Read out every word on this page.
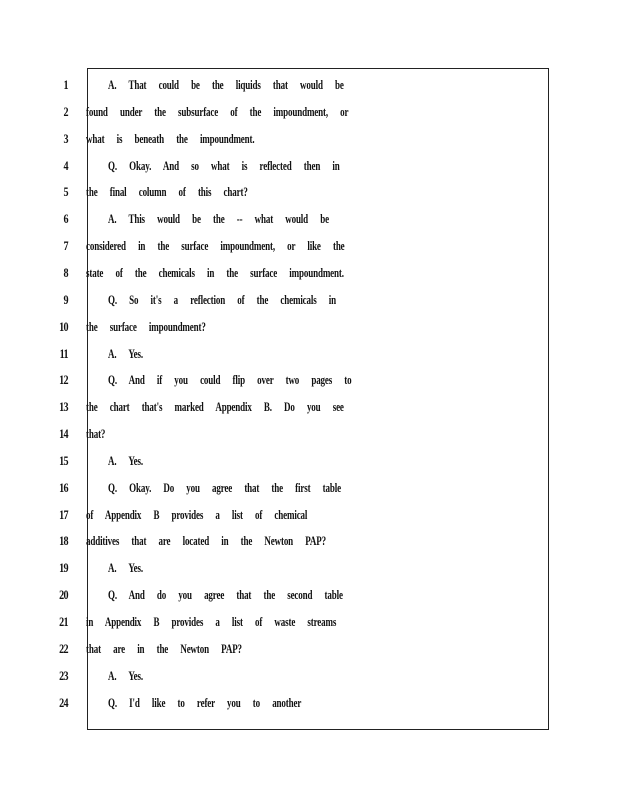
1	A. That could be the liquids that would be
2 found under the subsurface of the impoundment, or
3 what is beneath the impoundment.
4	Q. Okay. And so what is reflected then in
5 the final column of this chart?
6	A. This would be the -- what would be
7 considered in the surface impoundment, or like the
8 state of the chemicals in the surface impoundment.
9	Q. So it's a reflection of the chemicals in
10 the surface impoundment?
11	A. Yes.
12	Q. And if you could flip over two pages to
13 the chart that's marked Appendix B. Do you see
14 that?
15	A. Yes.
16	Q. Okay. Do you agree that the first table
17 of Appendix B provides a list of chemical
18 additives that are located in the Newton PAP?
19	A. Yes.
20	Q. And do you agree that the second table
21 in Appendix B provides a list of waste streams
22 that are in the Newton PAP?
23	A. Yes.
24	Q. I'd like to refer you to another
